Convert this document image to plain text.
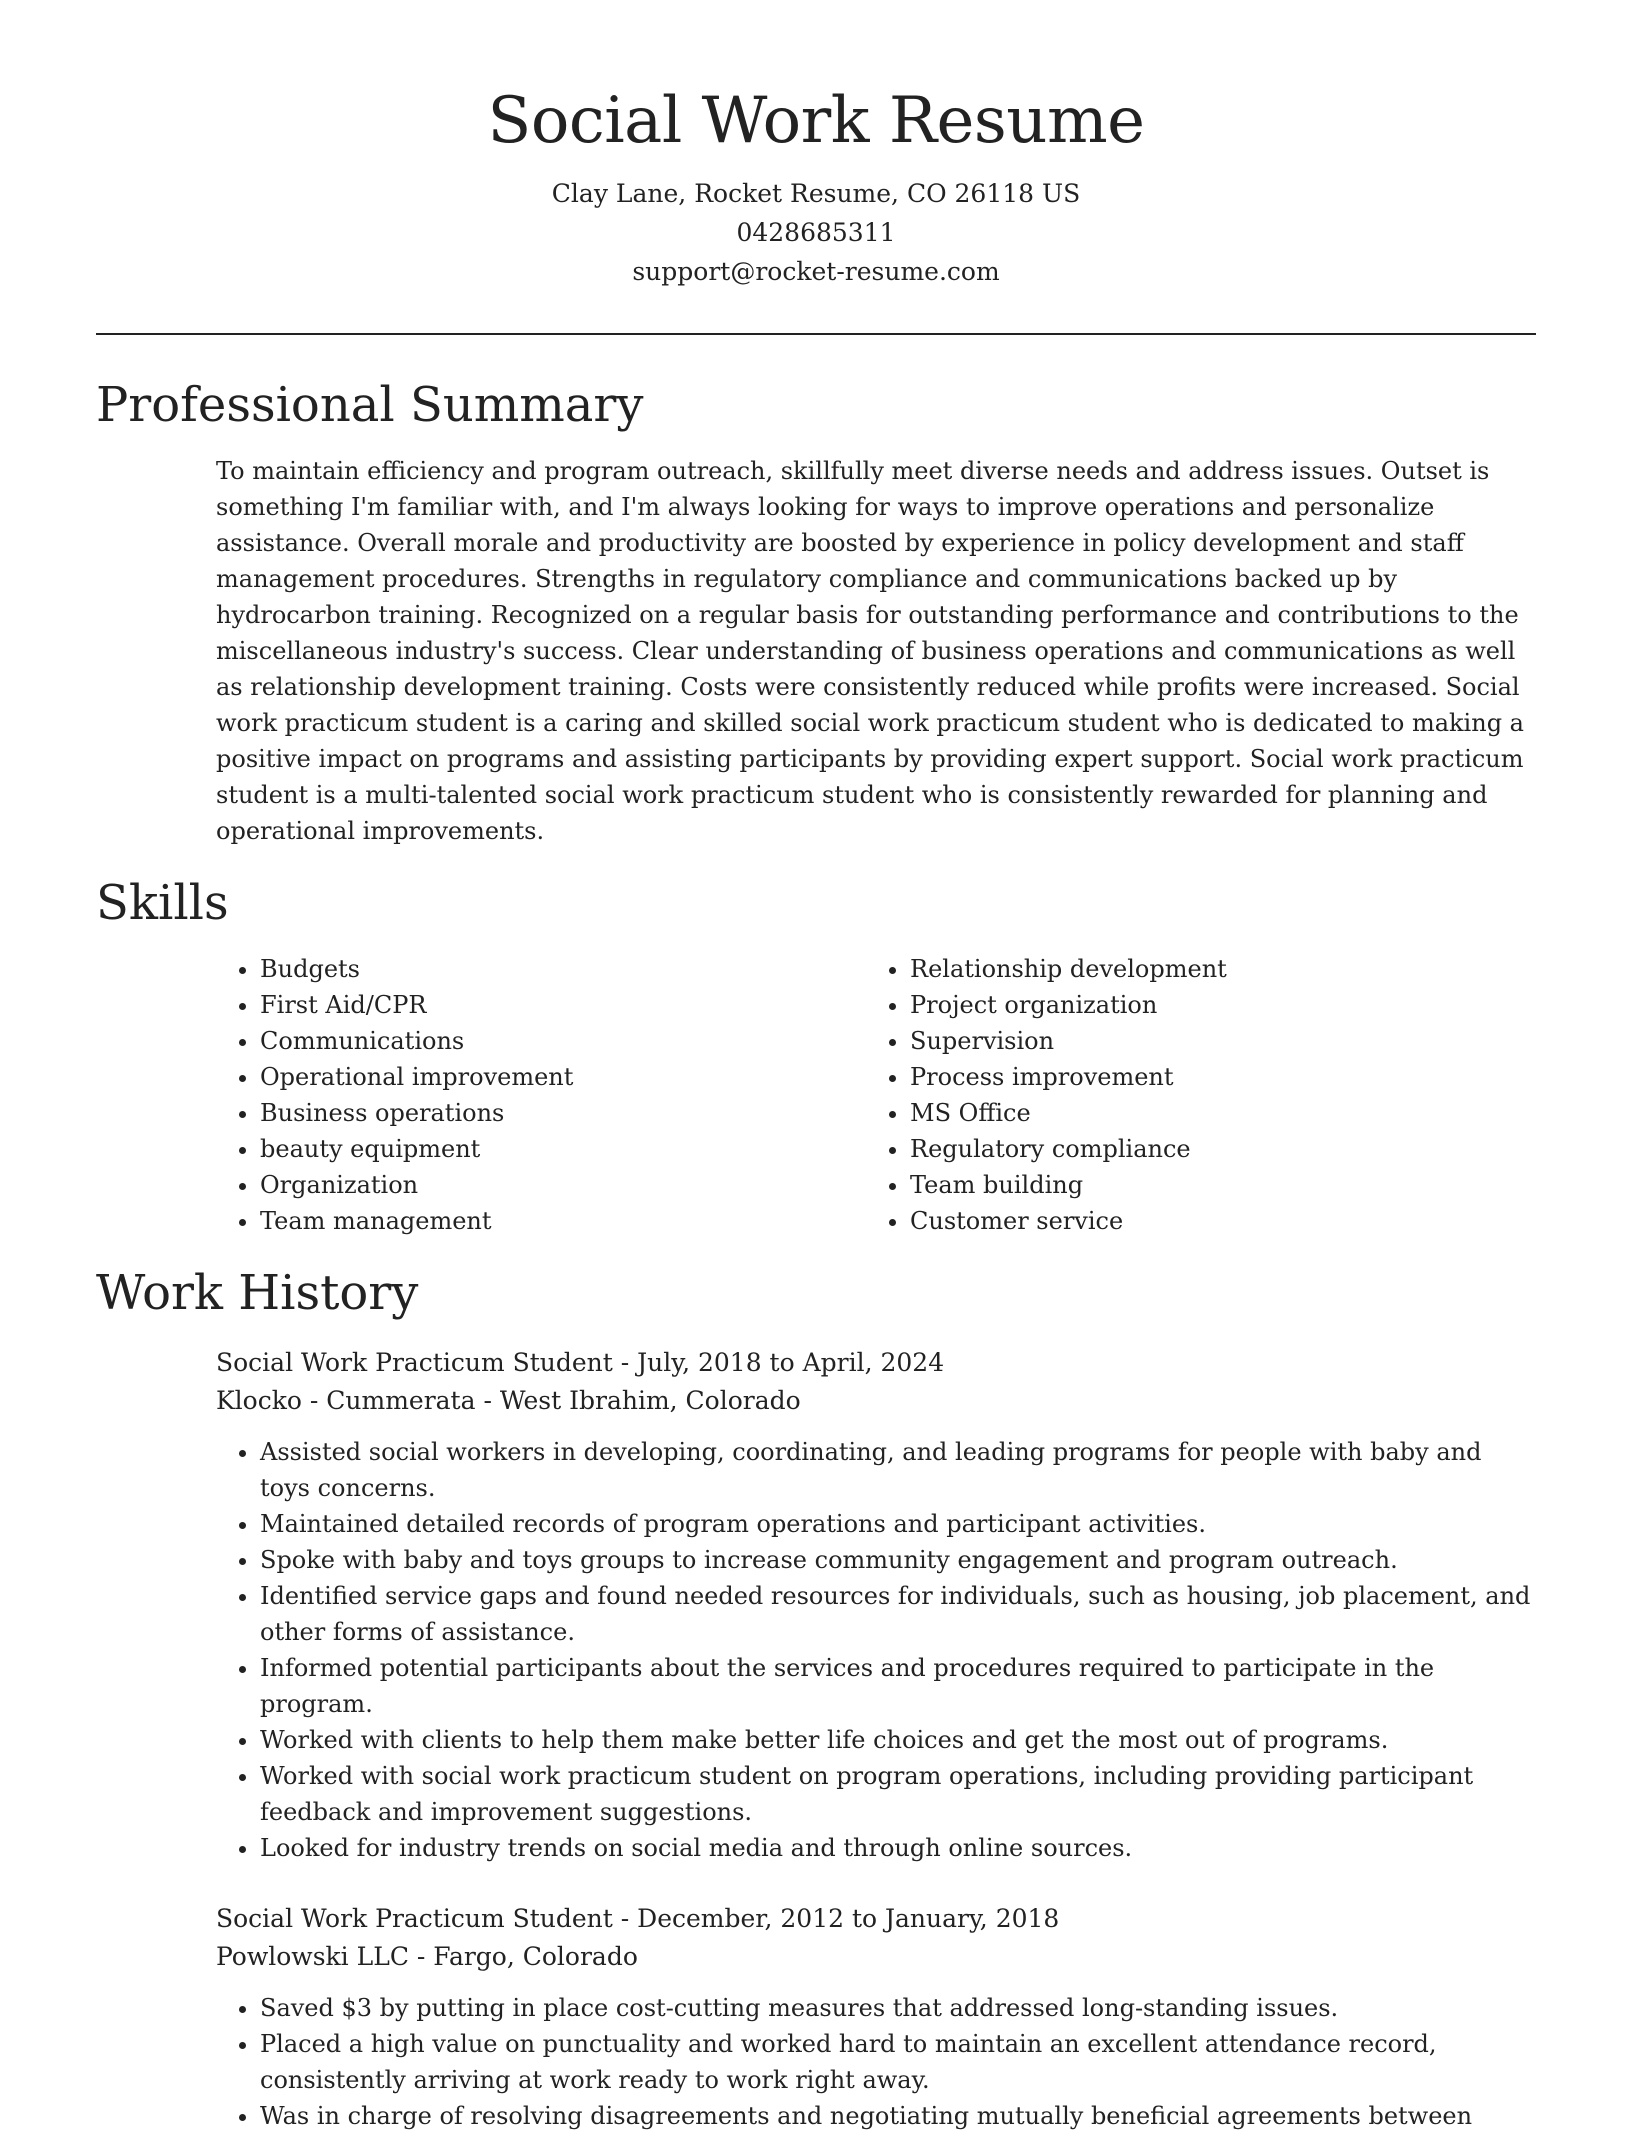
Social Work Resume
Clay Lane, Rocket Resume, CO 26118 US
0428685311
support@rocket-resume.com
Professional Summary

To maintain efficiency and program outreach, skillfully meet diverse needs and address issues. Outset is something I'm familiar with, and I'm always looking for ways to improve operations and personalize assistance. Overall morale and productivity are boosted by experience in policy development and staff management procedures. Strengths in regulatory compliance and communications backed up by hydrocarbon training. Recognized on a regular basis for outstanding performance and contributions to the miscellaneous industry's success. Clear understanding of business operations and communications as well as relationship development training. Costs were consistently reduced while profits were increased. Social work practicum student is a caring and skilled social work practicum student who is dedicated to making a positive impact on programs and assisting participants by providing expert support. Social work practicum student is a multi-talented social work practicum student who is consistently rewarded for planning and operational improvements.

Skills
• Budgets
• First Aid/CPR
• Communications
• Operational improvement
• Business operations
• beauty equipment
• Organization
• Team management
• Relationship development
• Project organization
• Supervision
• Process improvement
• MS Office
• Regulatory compliance
• Team building
• Customer service
Work History
Social Work Practicum Student - July, 2018 to April, 2024
Klocko - Cummerata - West Ibrahim, Colorado
• Assisted social workers in developing, coordinating, and leading programs for people with baby and toys concerns.
• Maintained detailed records of program operations and participant activities.
• Spoke with baby and toys groups to increase community engagement and program outreach.
• Identified service gaps and found needed resources for individuals, such as housing, job placement, and other forms of assistance.
• Informed potential participants about the services and procedures required to participate in the program.
• Worked with clients to help them make better life choices and get the most out of programs.
• Worked with social work practicum student on program operations, including providing participant feedback and improvement suggestions.
• Looked for industry trends on social media and through online sources.
Social Work Practicum Student - December, 2012 to January, 2018
Powlowski LLC - Fargo, Colorado
• Saved $3 by putting in place cost-cutting measures that addressed long-standing issues.
• Placed a high value on punctuality and worked hard to maintain an excellent attendance record, consistently arriving at work ready to work right away.
• Was in charge of resolving disagreements and negotiating mutually beneficial agreements between
